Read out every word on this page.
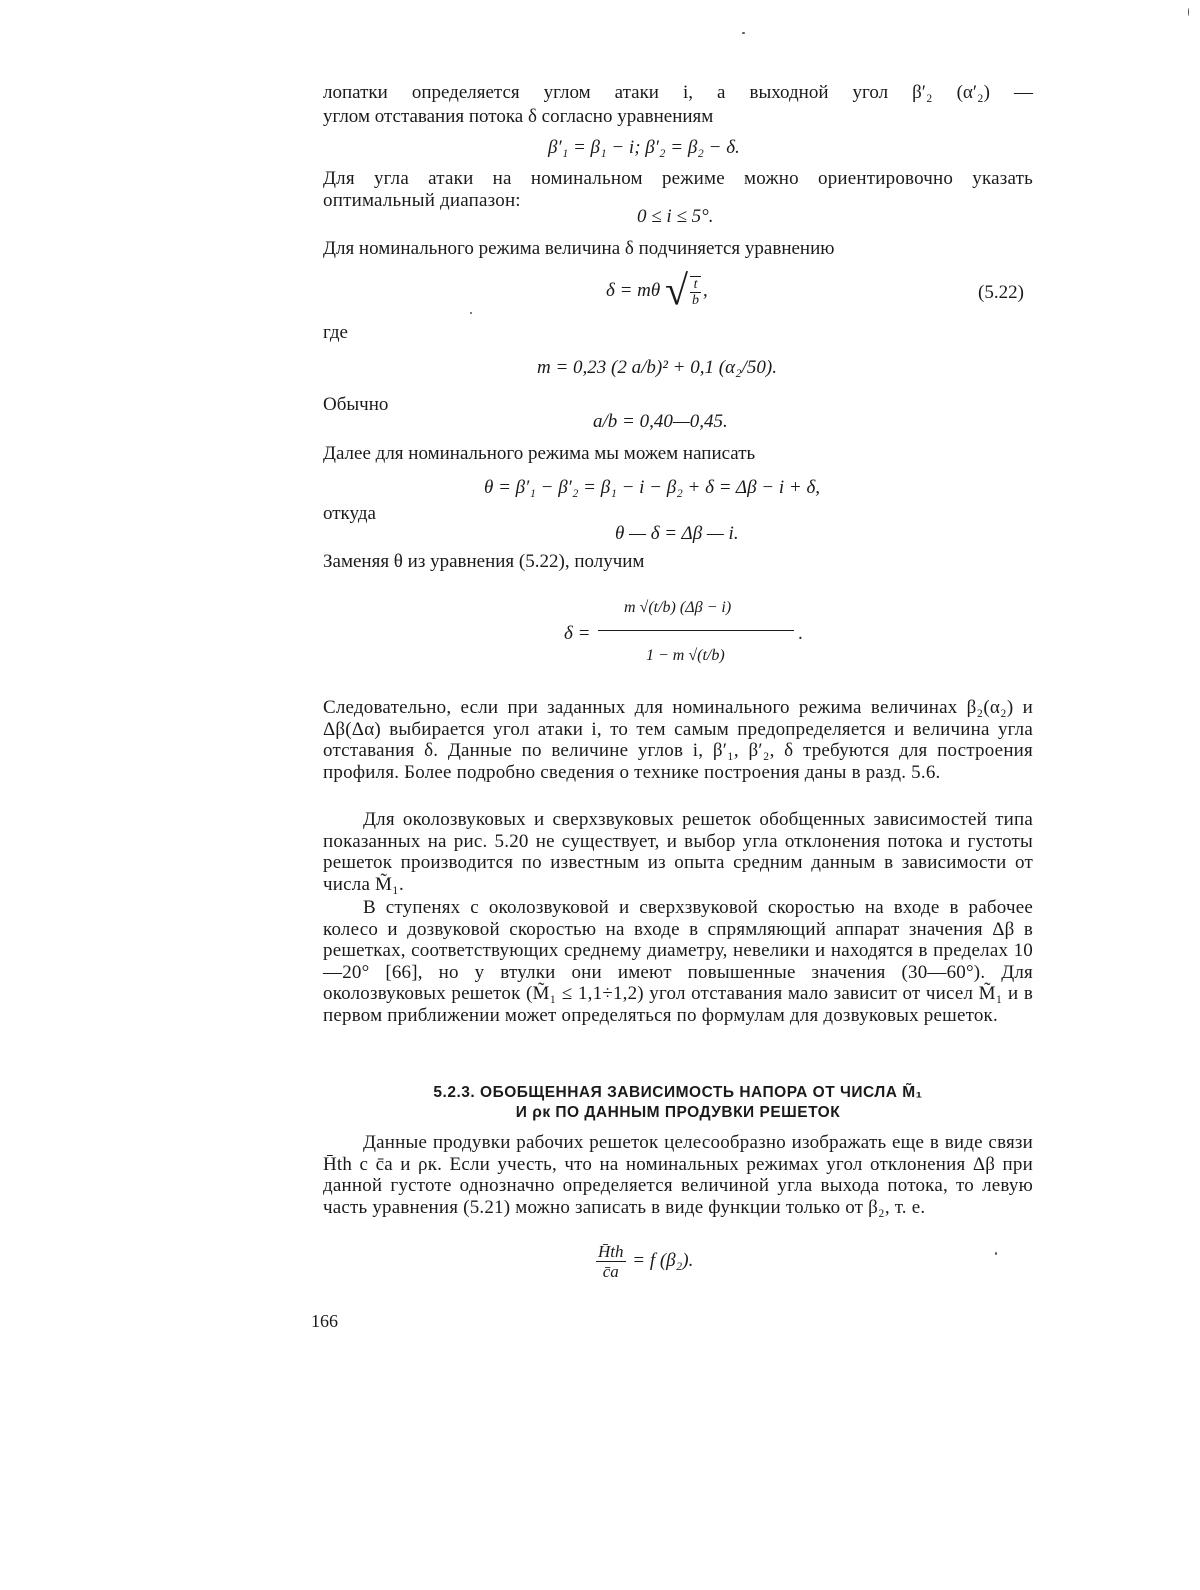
лопатки определяется углом атаки i, а выходной угол β′₂ (α′₂) —
углом отставания потока δ согласно уравнениям
β′₁ = β₁ − i; β′₂ = β₂ − δ.
Для угла атаки на номинальном режиме можно ориентировочно указать оптимальный диапазон:
0 ≤ i ≤ 5°.
Для номинального режима величина δ подчиняется уравнению
δ = mθ √ $\frac{t}{b}$ ,	(5.22)
где
m = 0,23 (2 a/b)² + 0,1 (α₂/50).
Обычно
a/b = 0,40—0,45.
Далее для номинального режима мы можем написать
θ = β′₁ − β′₂ = β₁ − i − β₂ + δ = Δβ − i + δ,
откуда
θ — δ = Δβ — i.
Заменяя θ из уравнения (5.22), получим
δ =
m √(t/b) (Δβ − i)
1 − m √(t/b)
.
Следовательно, если при заданных для номинального режима величинах β₂(α₂) и Δβ(Δα) выбирается угол атаки i, то тем самым предопределяется и величина угла отставания δ. Данные по величине углов i, β′₁, β′₂, δ требуются для построения профиля. Более подробно сведения о технике построения даны в разд. 5.6.
Для околозвуковых и сверхзвуковых решеток обобщенных зависимостей типа показанных на рис. 5.20 не существует, и выбор угла отклонения потока и густоты решеток производится по известным из опыта средним данным в зависимости от числа M̃₁.
В ступенях с околозвуковой и сверхзвуковой скоростью на входе в рабочее колесо и дозвуковой скоростью на входе в спрямляющий аппарат значения Δβ в решетках, соответствующих среднему диаметру, невелики и находятся в пределах 10—20° [66], но у втулки они имеют повышенные значения (30—60°). Для околозвуковых решеток (M̃₁ ≤ 1,1÷1,2) угол отставания мало зависит от чисел M̃₁ и в первом приближении может определяться по формулам для дозвуковых решеток.
5.2.3. ОБОБЩЕННАЯ ЗАВИСИМОСТЬ НАПОРА ОТ ЧИСЛА M̃₁
И ρк ПО ДАННЫМ ПРОДУВКИ РЕШЕТОК
Данные продувки рабочих решеток целесообразно изображать еще в виде связи H̄th с c̄a и ρк. Если учесть, что на номинальных режимах угол отклонения Δβ при данной густоте однозначно определяется величиной угла выхода потока, то левую часть уравнения (5.21) можно записать в виде функции только от β₂, т. е.
$\frac{H̄th}{c̄a} = f$ (β₂).
166
